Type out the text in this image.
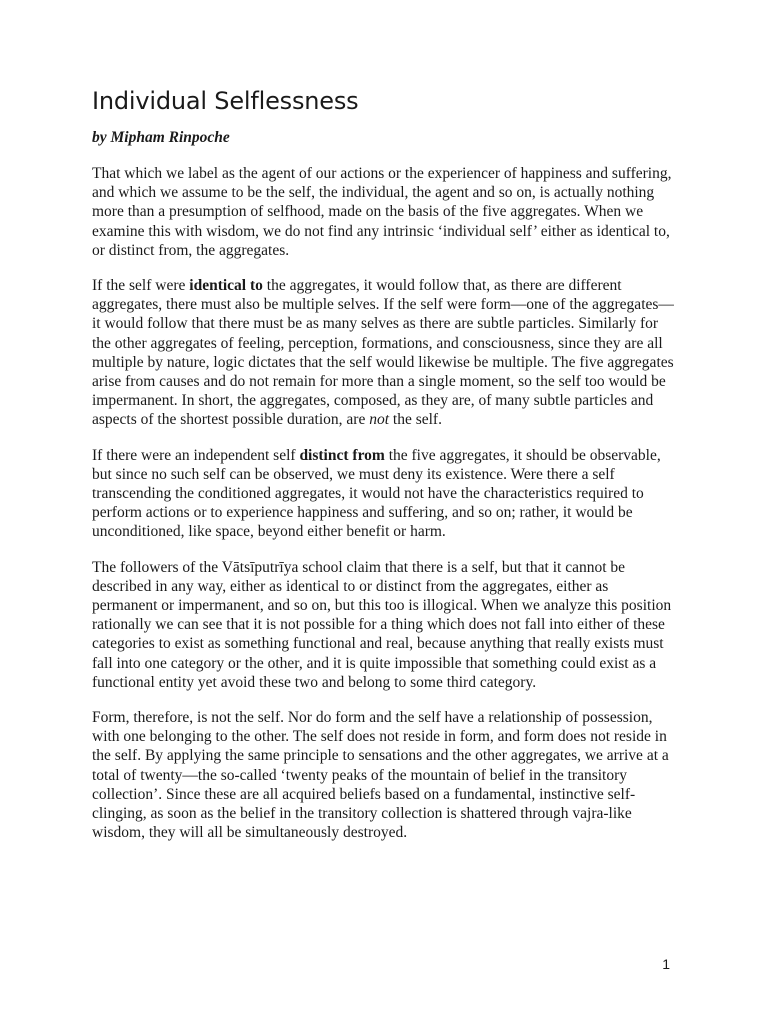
Individual Selflessness
by Mipham Rinpoche

That which we label as the agent of our actions or the experiencer of happiness and suffering, and which we assume to be the self, the individual, the agent and so on, is actually nothing more than a presumption of selfhood, made on the basis of the five aggregates. When we examine this with wisdom, we do not find any intrinsic ‘individual self’ either as identical to, or distinct from, the aggregates.

If the self were identical to the aggregates, it would follow that, as there are different aggregates, there must also be multiple selves. If the self were form—one of the aggregates—it would follow that there must be as many selves as there are subtle particles. Similarly for the other aggregates of feeling, perception, formations, and consciousness, since they are all multiple by nature, logic dictates that the self would likewise be multiple. The five aggregates arise from causes and do not remain for more than a single moment, so the self too would be impermanent. In short, the aggregates, composed, as they are, of many subtle particles and aspects of the shortest possible duration, are not the self.

If there were an independent self distinct from the five aggregates, it should be observable, but since no such self can be observed, we must deny its existence. Were there a self transcending the conditioned aggregates, it would not have the characteristics required to perform actions or to experience happiness and suffering, and so on; rather, it would be unconditioned, like space, beyond either benefit or harm.

The followers of the Vātsīputrīya school claim that there is a self, but that it cannot be described in any way, either as identical to or distinct from the aggregates, either as permanent or impermanent, and so on, but this too is illogical. When we analyze this position rationally we can see that it is not possible for a thing which does not fall into either of these categories to exist as something functional and real, because anything that really exists must fall into one category or the other, and it is quite impossible that something could exist as a functional entity yet avoid these two and belong to some third category.

Form, therefore, is not the self. Nor do form and the self have a relationship of possession, with one belonging to the other. The self does not reside in form, and form does not reside in the self. By applying the same principle to sensations and the other aggregates, we arrive at a total of twenty—the so-called ‘twenty peaks of the mountain of belief in the transitory collection’. Since these are all acquired beliefs based on a fundamental, instinctive self-clinging, as soon as the belief in the transitory collection is shattered through vajra-like wisdom, they will all be simultaneously destroyed.

1
